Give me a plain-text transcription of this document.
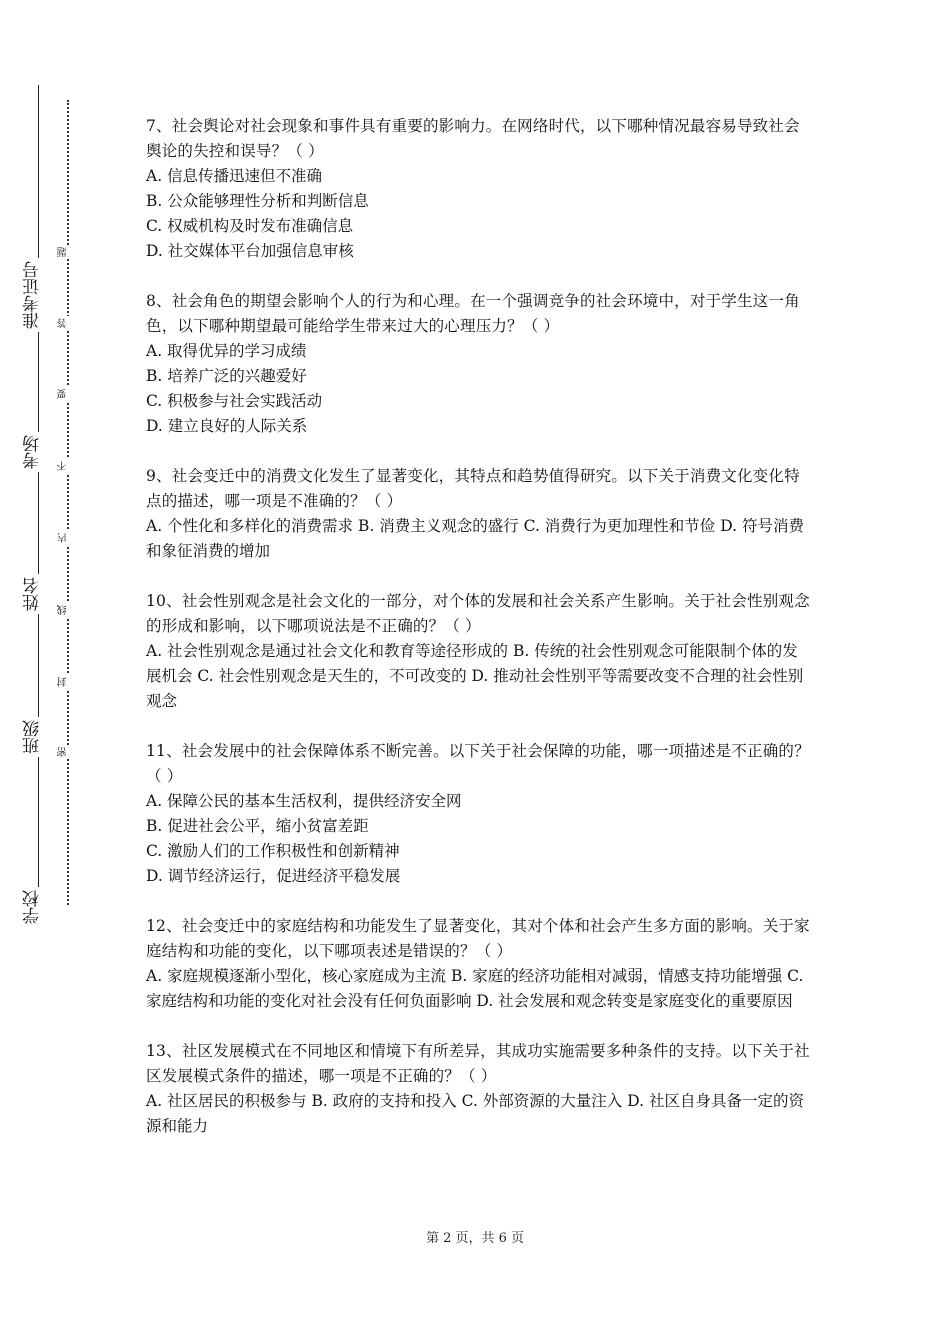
准考证号
考场
姓名
班级
学校
题
答
要
不
内
线
封
密

7、社会舆论对社会现象和事件具有重要的影响力。在网络时代，以下哪种情况最容易导致社会舆论的失控和误导？（ ）

A. 信息传播迅速但不准确

B. 公众能够理性分析和判断信息

C. 权威机构及时发布准确信息

D. 社交媒体平台加强信息审核

8、社会角色的期望会影响个人的行为和心理。在一个强调竞争的社会环境中，对于学生这一角色，以下哪种期望最可能给学生带来过大的心理压力？（ ）

A. 取得优异的学习成绩

B. 培养广泛的兴趣爱好

C. 积极参与社会实践活动

D. 建立良好的人际关系

9、社会变迁中的消费文化发生了显著变化，其特点和趋势值得研究。以下关于消费文化变化特点的描述，哪一项是不准确的？（ ）

A. 个性化和多样化的消费需求 B. 消费主义观念的盛行 C. 消费行为更加理性和节俭 D. 符号消费和象征消费的增加

10、社会性别观念是社会文化的一部分，对个体的发展和社会关系产生影响。关于社会性别观念的形成和影响，以下哪项说法是不正确的？（ ）

A. 社会性别观念是通过社会文化和教育等途径形成的 B. 传统的社会性别观念可能限制个体的发展机会 C. 社会性别观念是天生的，不可改变的 D. 推动社会性别平等需要改变不合理的社会性别观念

11、社会发展中的社会保障体系不断完善。以下关于社会保障的功能，哪一项描述是不正确的？（ ）

A. 保障公民的基本生活权利，提供经济安全网

B. 促进社会公平，缩小贫富差距

C. 激励人们的工作积极性和创新精神

D. 调节经济运行，促进经济平稳发展

12、社会变迁中的家庭结构和功能发生了显著变化，其对个体和社会产生多方面的影响。关于家庭结构和功能的变化，以下哪项表述是错误的？（ ）

A. 家庭规模逐渐小型化，核心家庭成为主流 B. 家庭的经济功能相对减弱，情感支持功能增强 C. 家庭结构和功能的变化对社会没有任何负面影响 D. 社会发展和观念转变是家庭变化的重要原因

13、社区发展模式在不同地区和情境下有所差异，其成功实施需要多种条件的支持。以下关于社区发展模式条件的描述，哪一项是不正确的？（ ）

A. 社区居民的积极参与 B. 政府的支持和投入 C. 外部资源的大量注入 D. 社区自身具备一定的资源和能力

第 2 页，共 6 页
